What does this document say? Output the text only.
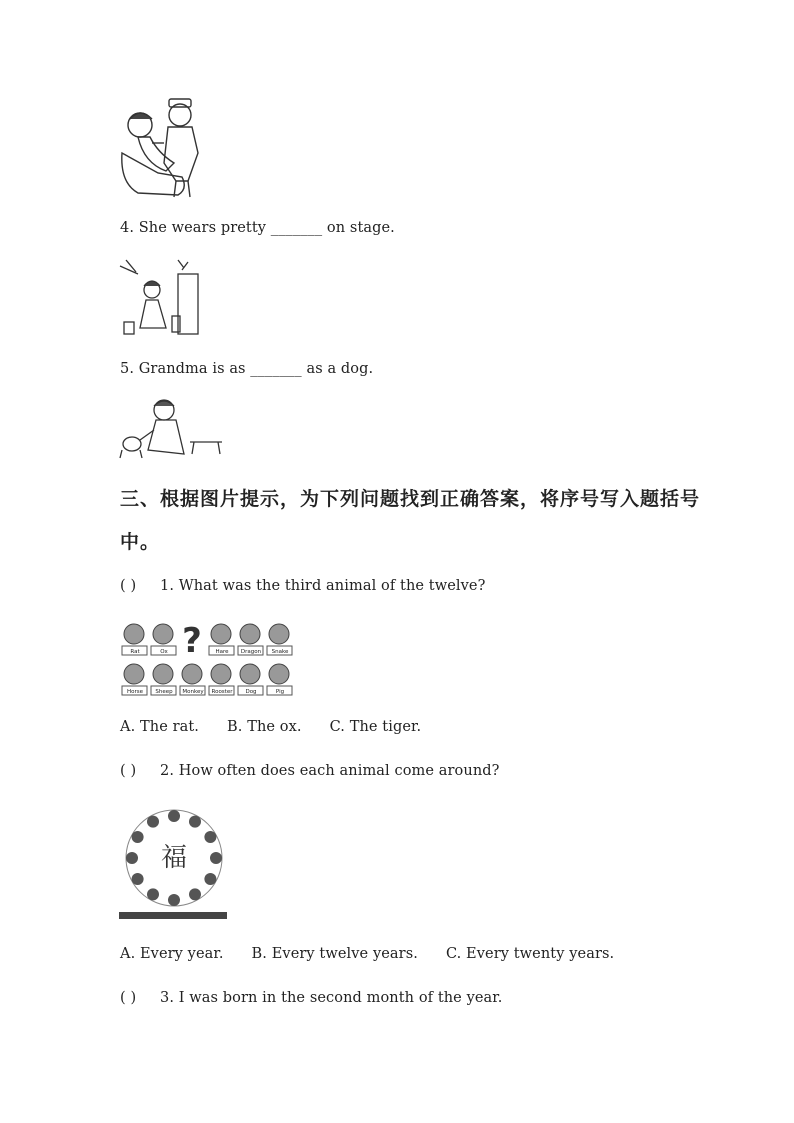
4. She wears pretty _______ on stage.
5. Grandma is as _______ as a dog.
三、根据图片提示，为下列问题找到正确答案，将序号写入题括号
中。
( ) 1. What was the third animal of the twelve?
Rat	Ox ? Hare Dragon Snake
Horse Sheep Monkey Rooster Dog	Pig
A. The rat. B. The ox. C. The tiger.
( ) 2. How often does each animal come around?
福
A. Every year. B. Every twelve years. C. Every twenty years.
( ) 3. I was born in the second month of the year.
